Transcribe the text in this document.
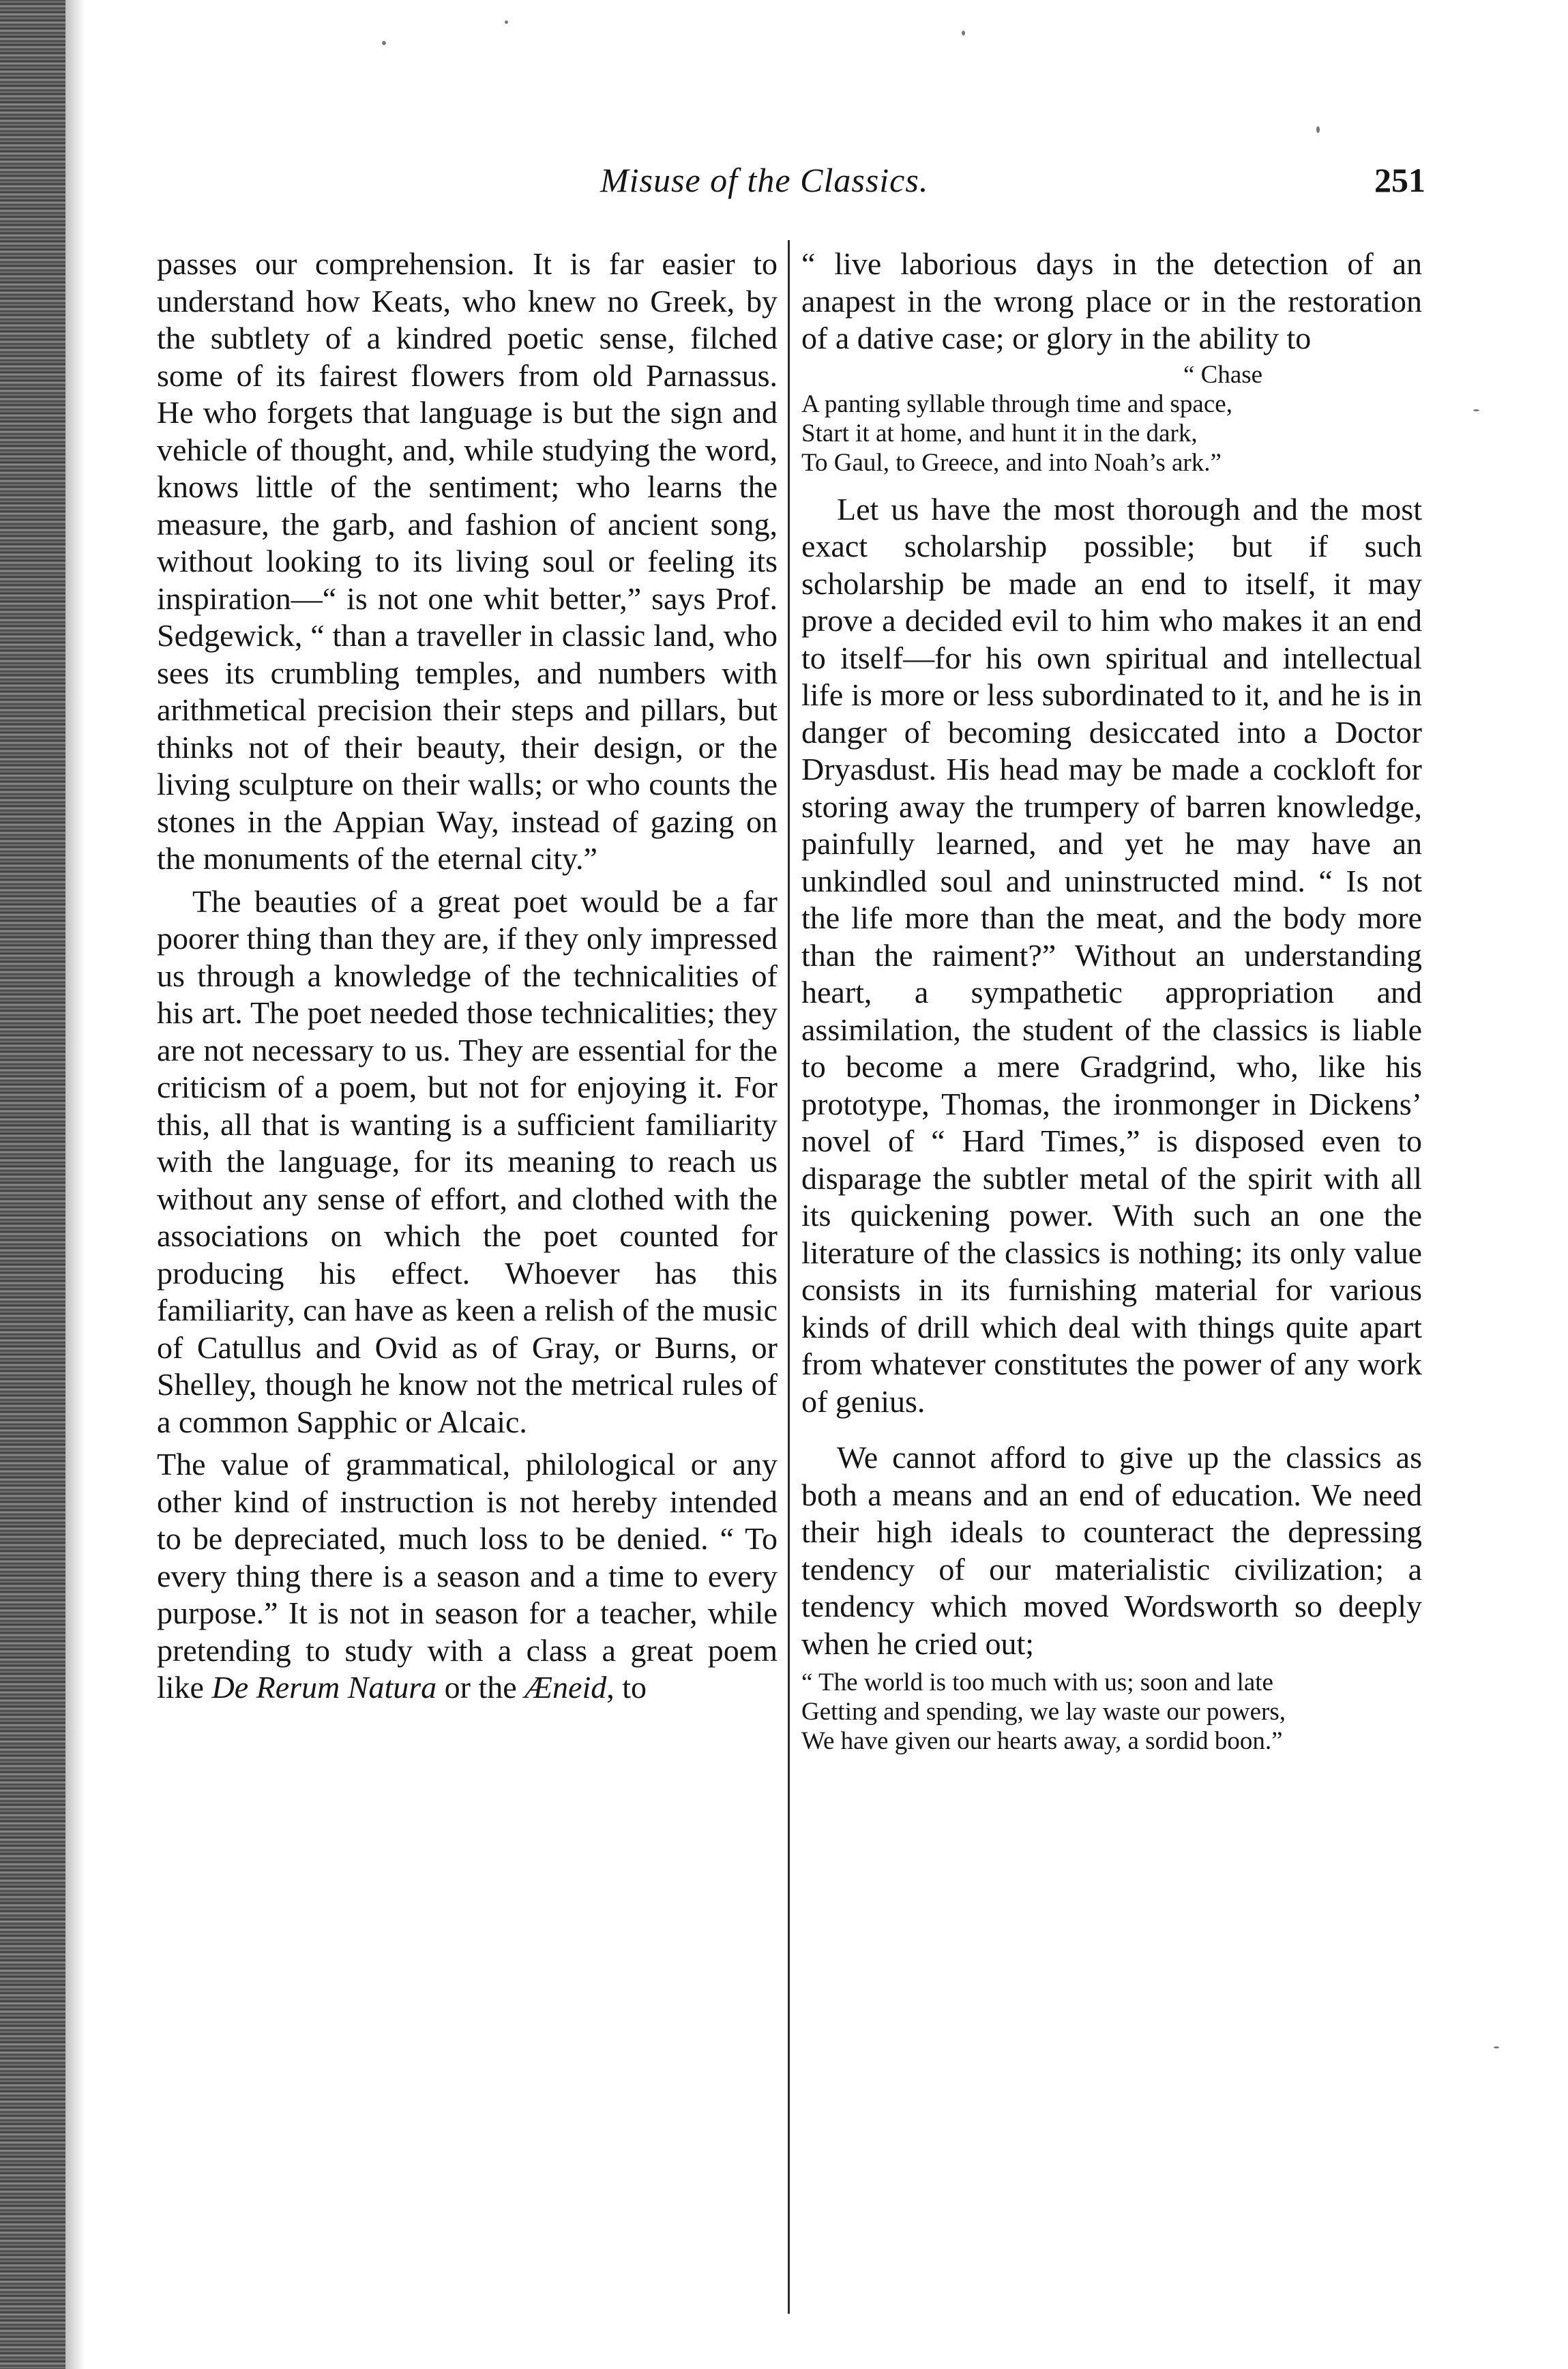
Misuse of the Classics.	251

passes our comprehension. It is far easier to understand how Keats, who knew no Greek, by the subtlety of a kindred poetic sense, filched some of its fairest flowers from old Parnassus. He who forgets that language is but the sign and vehicle of thought, and, while studying the word, knows little of the sentiment; who learns the measure, the garb, and fashion of ancient song, without looking to its living soul or feeling its inspiration—“ is not one whit better,” says Prof. Sedgewick, “ than a traveller in classic land, who sees its crumbling temples, and numbers with arithmetical precision their steps and pillars, but thinks not of their beauty, their design, or the living sculpture on their walls; or who counts the stones in the Appian Way, instead of gazing on the monuments of the eternal city.”

The beauties of a great poet would be a far poorer thing than they are, if they only impressed us through a knowledge of the technicalities of his art. The poet needed those technicalities; they are not necessary to us. They are essential for the criticism of a poem, but not for enjoying it. For this, all that is wanting is a sufficient familiarity with the language, for its meaning to reach us without any sense of effort, and clothed with the associations on which the poet counted for producing his effect. Whoever has this familiarity, can have as keen a relish of the music of Catullus and Ovid as of Gray, or Burns, or Shelley, though he know not the metrical rules of a common Sapphic or Alcaic.

The value of grammatical, philological or any other kind of instruction is not hereby intended to be depreciated, much loss to be denied. “ To every thing there is a season and a time to every purpose.” It is not in season for a teacher, while pretending to study with a class a great poem like De Rerum Natura or the Æneid, to

“ live laborious days in the detection of an anapest in the wrong place or in the restoration of a dative case; or glory in the ability to

“ Chase
A panting syllable through time and space,
Start it at home, and hunt it in the dark,
To Gaul, to Greece, and into Noah’s ark.”

Let us have the most thorough and the most exact scholarship possible; but if such scholarship be made an end to itself, it may prove a decided evil to him who makes it an end to itself—for his own spiritual and intellectual life is more or less subordinated to it, and he is in danger of becoming desiccated into a Doctor Dryasdust. His head may be made a cockloft for storing away the trumpery of barren knowledge, painfully learned, and yet he may have an unkindled soul and uninstructed mind. “ Is not the life more than the meat, and the body more than the raiment?” Without an understanding heart, a sympathetic appropriation and assimilation, the student of the classics is liable to become a mere Gradgrind, who, like his prototype, Thomas, the ironmonger in Dickens’ novel of “ Hard Times,” is disposed even to disparage the subtler metal of the spirit with all its quickening power. With such an one the literature of the classics is nothing; its only value consists in its furnishing material for various kinds of drill which deal with things quite apart from whatever constitutes the power of any work of genius.

We cannot afford to give up the classics as both a means and an end of education. We need their high ideals to counteract the depressing tendency of our materialistic civilization; a tendency which moved Wordsworth so deeply when he cried out;

“ The world is too much with us; soon and late
Getting and spending, we lay waste our powers,
We have given our hearts away, a sordid boon.”
